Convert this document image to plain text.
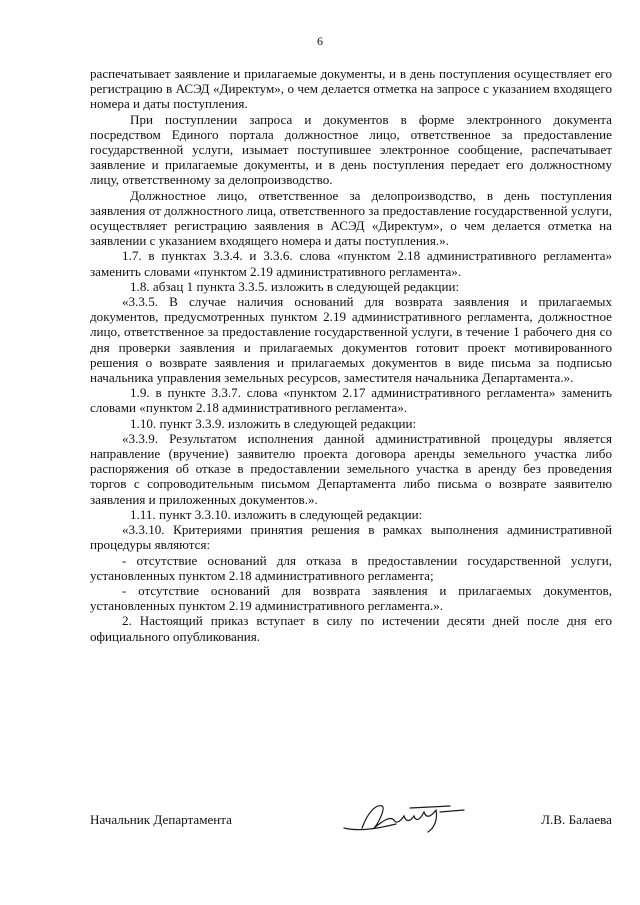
6

распечатывает заявление и прилагаемые документы, и в день поступления осуществляет его регистрацию в АСЭД «Директум», о чем делается отметка на запросе с указанием входящего номера и даты поступления.

При поступлении запроса и документов в форме электронного документа посредством Единого портала должностное лицо, ответственное за предоставление государственной услуги, изымает поступившее электронное сообщение, распечатывает заявление и прилагаемые документы, и в день поступления передает его должностному лицу, ответственному за делопроизводство.

Должностное лицо, ответственное за делопроизводство, в день поступления заявления от должностного лица, ответственного за предоставление государственной услуги, осуществляет регистрацию заявления в АСЭД «Директум», о чем делается отметка на заявлении с указанием входящего номера и даты поступления.».

1.7. в пунктах 3.3.4. и 3.3.6. слова «пунктом 2.18 административного регламента» заменить словами «пунктом 2.19 административного регламента».

1.8. абзац 1 пункта 3.3.5. изложить в следующей редакции:

«3.3.5. В случае наличия оснований для возврата заявления и прилагаемых документов, предусмотренных пунктом 2.19 административного регламента, должностное лицо, ответственное за предоставление государственной услуги, в течение 1 рабочего дня со дня проверки заявления и прилагаемых документов готовит проект мотивированного решения о возврате заявления и прилагаемых документов в виде письма за подписью начальника управления земельных ресурсов, заместителя начальника Департамента.».

1.9. в пункте 3.3.7. слова «пунктом 2.17 административного регламента» заменить словами «пунктом 2.18 административного регламента».

1.10. пункт 3.3.9. изложить в следующей редакции:

«3.3.9. Результатом исполнения данной административной процедуры является направление (вручение) заявителю проекта договора аренды земельного участка либо распоряжения об отказе в предоставлении земельного участка в аренду без проведения торгов с сопроводительным письмом Департамента либо письма о возврате заявителю заявления и приложенных документов.».

1.11. пункт 3.3.10. изложить в следующей редакции:

«3.3.10. Критериями принятия решения в рамках выполнения административной процедуры являются:

- отсутствие оснований для отказа в предоставлении государственной услуги, установленных пунктом 2.18 административного регламента;

- отсутствие оснований для возврата заявления и прилагаемых документов, установленных пунктом 2.19 административного регламента.».

2. Настоящий приказ вступает в силу по истечении десяти дней после дня его официального опубликования.

Начальник Департамента	Л.В. Балаева
